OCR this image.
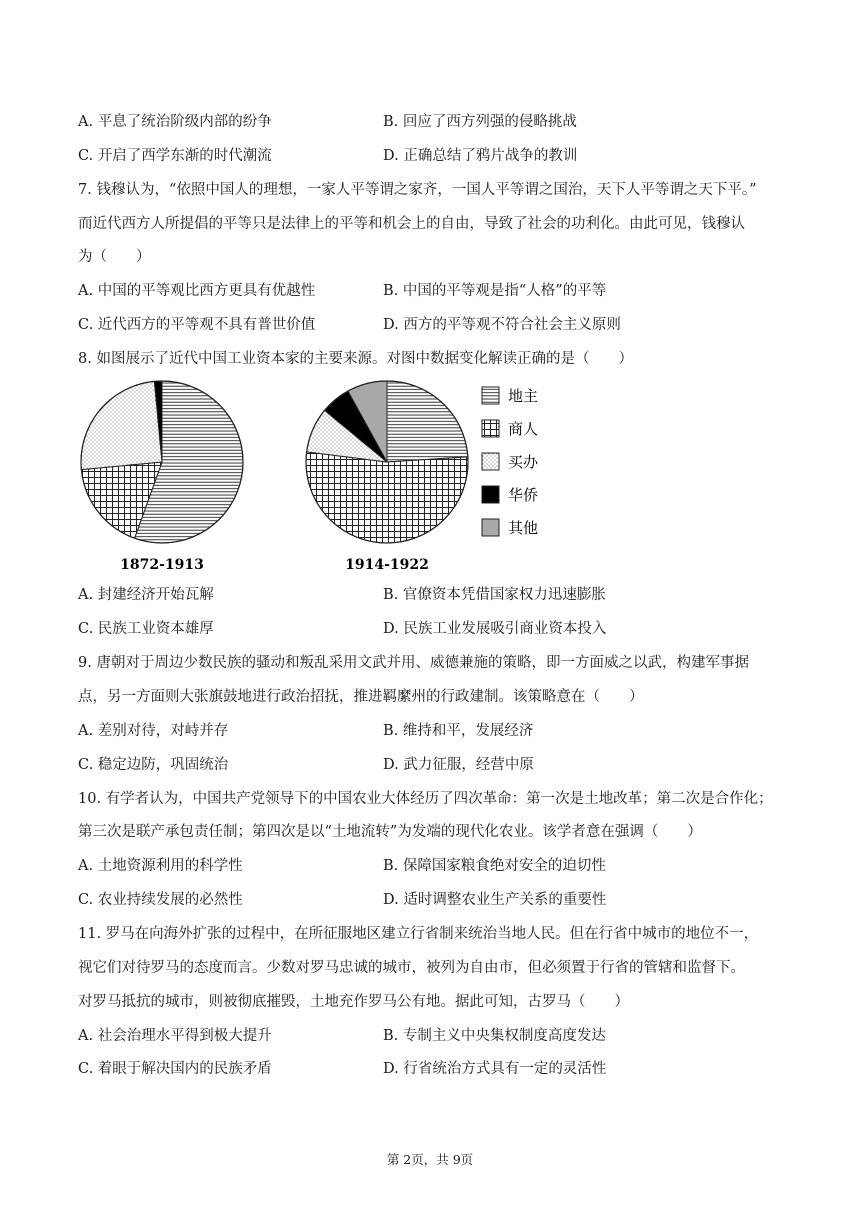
A. 平息了统治阶级内部的纷争	B. 回应了西方列强的侵略挑战
C. 开启了西学东渐的时代潮流	D. 正确总结了鸦片战争的教训
7. 钱穆认为，“依照中国人的理想，一家人平等谓之家齐，一国人平等谓之国治，天下人平等谓之天下平。”
而近代西方人所提倡的平等只是法律上的平等和机会上的自由，导致了社会的功利化。由此可见，钱穆认
为（　　）
A. 中国的平等观比西方更具有优越性	B. 中国的平等观是指“人格”的平等
C. 近代西方的平等观不具有普世价值	D. 西方的平等观不符合社会主义原则
8. 如图展示了近代中国工业资本家的主要来源。对图中数据变化解读正确的是（　　）
1872-1913	1914-1922
地主
商人
买办
华侨
其他
A. 封建经济开始瓦解	B. 官僚资本凭借国家权力迅速膨胀
C. 民族工业资本雄厚	D. 民族工业发展吸引商业资本投入
9. 唐朝对于周边少数民族的骚动和叛乱采用文武并用、威德兼施的策略，即一方面威之以武，构建军事据
点，另一方面则大张旗鼓地进行政治招抚，推进羁縻州的行政建制。该策略意在（　　）
A. 差别对待，对峙并存	B. 维持和平，发展经济
C. 稳定边防，巩固统治	D. 武力征服，经营中原
10. 有学者认为，中国共产党领导下的中国农业大体经历了四次革命：第一次是土地改革；第二次是合作化；
第三次是联产承包责任制；第四次是以“土地流转”为发端的现代化农业。该学者意在强调（　　）
A. 土地资源利用的科学性	B. 保障国家粮食绝对安全的迫切性
C. 农业持续发展的必然性	D. 适时调整农业生产关系的重要性
11. 罗马在向海外扩张的过程中，在所征服地区建立行省制来统治当地人民。但在行省中城市的地位不一，
视它们对待罗马的态度而言。少数对罗马忠诚的城市，被列为自由市，但必须置于行省的管辖和监督下。
对罗马抵抗的城市，则被彻底摧毁，土地充作罗马公有地。据此可知，古罗马（　　）
A. 社会治理水平得到极大提升	B. 专制主义中央集权制度高度发达
C. 着眼于解决国内的民族矛盾	D. 行省统治方式具有一定的灵活性
第 2页，共 9页
